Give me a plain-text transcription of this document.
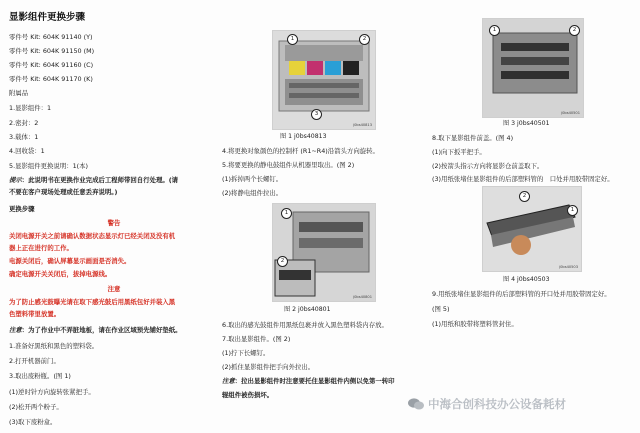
显影组件更换步骤
零件号 Kit: 604K 91140 (Y)
零件号 Kit: 604K 91150 (M)
零件号 Kit: 604K 91160 (C)
零件号 Kit: 604K 91170 (K)
附属品
1.显影组件：1
2.密封：2
3.载体：1
4.回收袋：1
5.显影组件更换说明：1(本)
提示：此说明书在更换作业完成后工程师带回自行处理。(请
不要在客户现场处理或任意丢弃说明。)
更换步骤
警告
关闭电源开关之前请确认数据状态显示灯已经关闭及没有机
器上正在进行的工作。
电源关闭后，确认屏幕显示画面是否消失。
确定电源开关关闭后，拔掉电源线。
注意
为了防止感光鼓曝光请在取下感光鼓后用黑纸包好并装入黑
色塑料带里放置。
注意：为了作业中不弄脏地板，请在作业区域预先铺好垫纸。
1.准备好黑纸和黑色的塑料袋。
2.打开机器前门。
3.取出废粉瓶。(图 1)
(1)逆时针方向旋转张紧把手。
(2)松开两个粉子。
(3)取下废粉盒。
1	2
3
j0bs40813
图 1 j0bs40813
4.将更换对象颜色的控制杆 (R1~R4)沿箭头方向旋转。
5.将要更换的静电鼓组件从机器里取出。(图 2)
(1)拆掉两个长螺钉。
(2)将静电组件拉出。
1
2
j0bs40801
图 2 j0bs40801
6.取出的感光鼓组件用黑纸包裹并放入黑色塑料袋内存放。
7.取出显影组件。(图 2)
(1)拧下长螺钉。
(2)抓住显影组件把手向外拉出。
注意：拉出显影组件时注意要托住显影组件内侧以免第一转印
辊组件被伤损坏。
1	2
j0bs40501
图 3 j0bs40501
8.取下显影组件前盖。(图 4)
(1)向下扳平把手。
(2)按箭头指示方向将显影仓前盖取下。
(3)用纸张堵住显影组件的后部塑料管的　口处并用胶带固定好。
1
2
j0bs40503
图 4 j0bs40503
9.用纸张堵住显影组件的后部塑料管的开口处并用胶带固定好。
(图 5)
(1)用纸和胶带将塑料管封住。
中海合创科技办公设备耗材
